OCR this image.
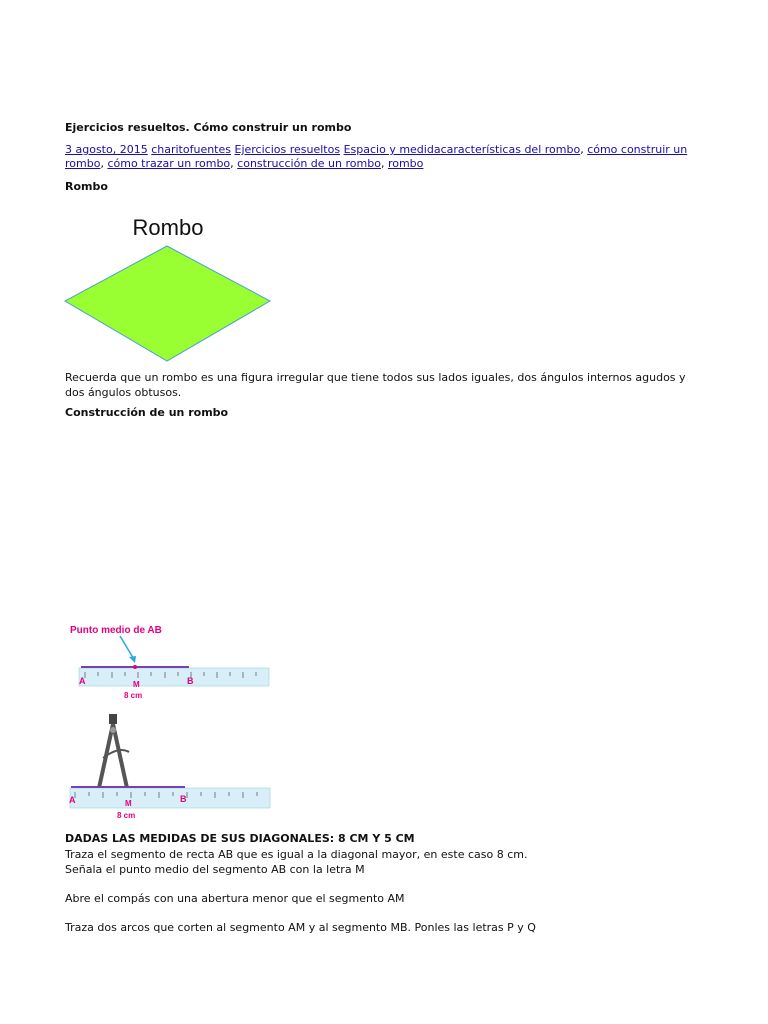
Ejercicios resueltos. Cómo construir un rombo
3 agosto, 2015 charitofuentes Ejercicios resueltos Espacio y medidacaracterísticas del rombo, cómo construir un rombo, cómo trazar un rombo, construcción de un rombo, rombo
Rombo
Rombo
Recuerda que un rombo es una figura irregular que tiene todos sus lados iguales, dos ángulos internos agudos y dos ángulos obtusos.
Construcción de un rombo
Punto medio de AB
A	B
M
8 cm
A	B
M
8 cm
DADAS LAS MEDIDAS DE SUS DIAGONALES: 8 CM Y 5 CM
Traza el segmento de recta AB que es igual a la diagonal mayor, en este caso 8 cm.
Señala el punto medio del segmento AB con la letra M
Abre el compás con una abertura menor que el segmento AM
Traza dos arcos que corten al segmento AM y al segmento MB. Ponles las letras P y Q
